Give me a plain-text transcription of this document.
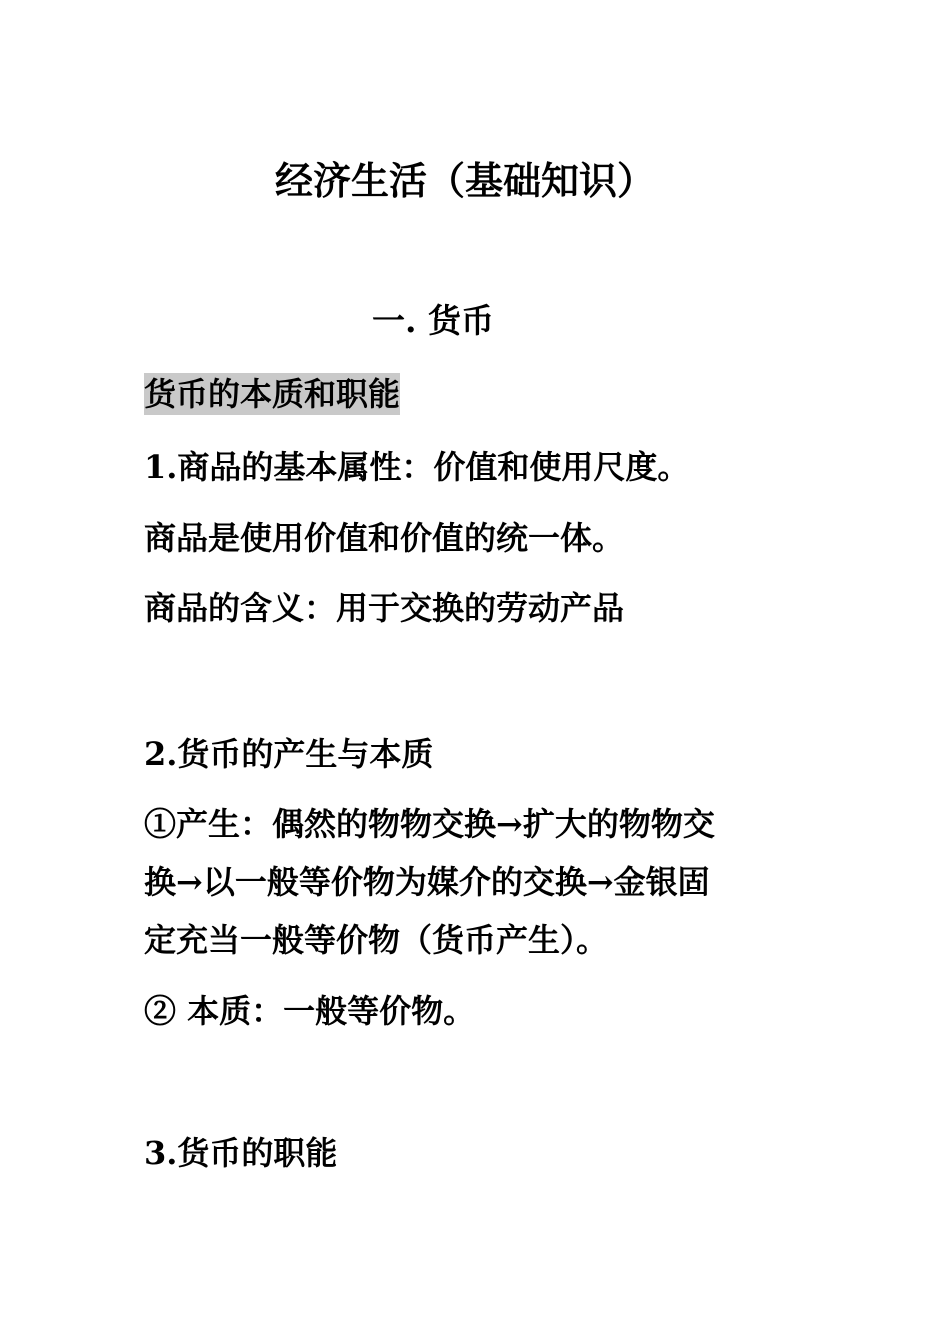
经济生活（基础知识）
一. 货币

货币的本质和职能

1.商品的基本属性：价值和使用尺度。

商品是使用价值和价值的统一体。

商品的含义：用于交换的劳动产品

2.货币的产生与本质

①产生：偶然的物物交换→扩大的物物交

换→以一般等价物为媒介的交换→金银固

定充当一般等价物（货币产生）。

② 本质：一般等价物。

3.货币的职能
